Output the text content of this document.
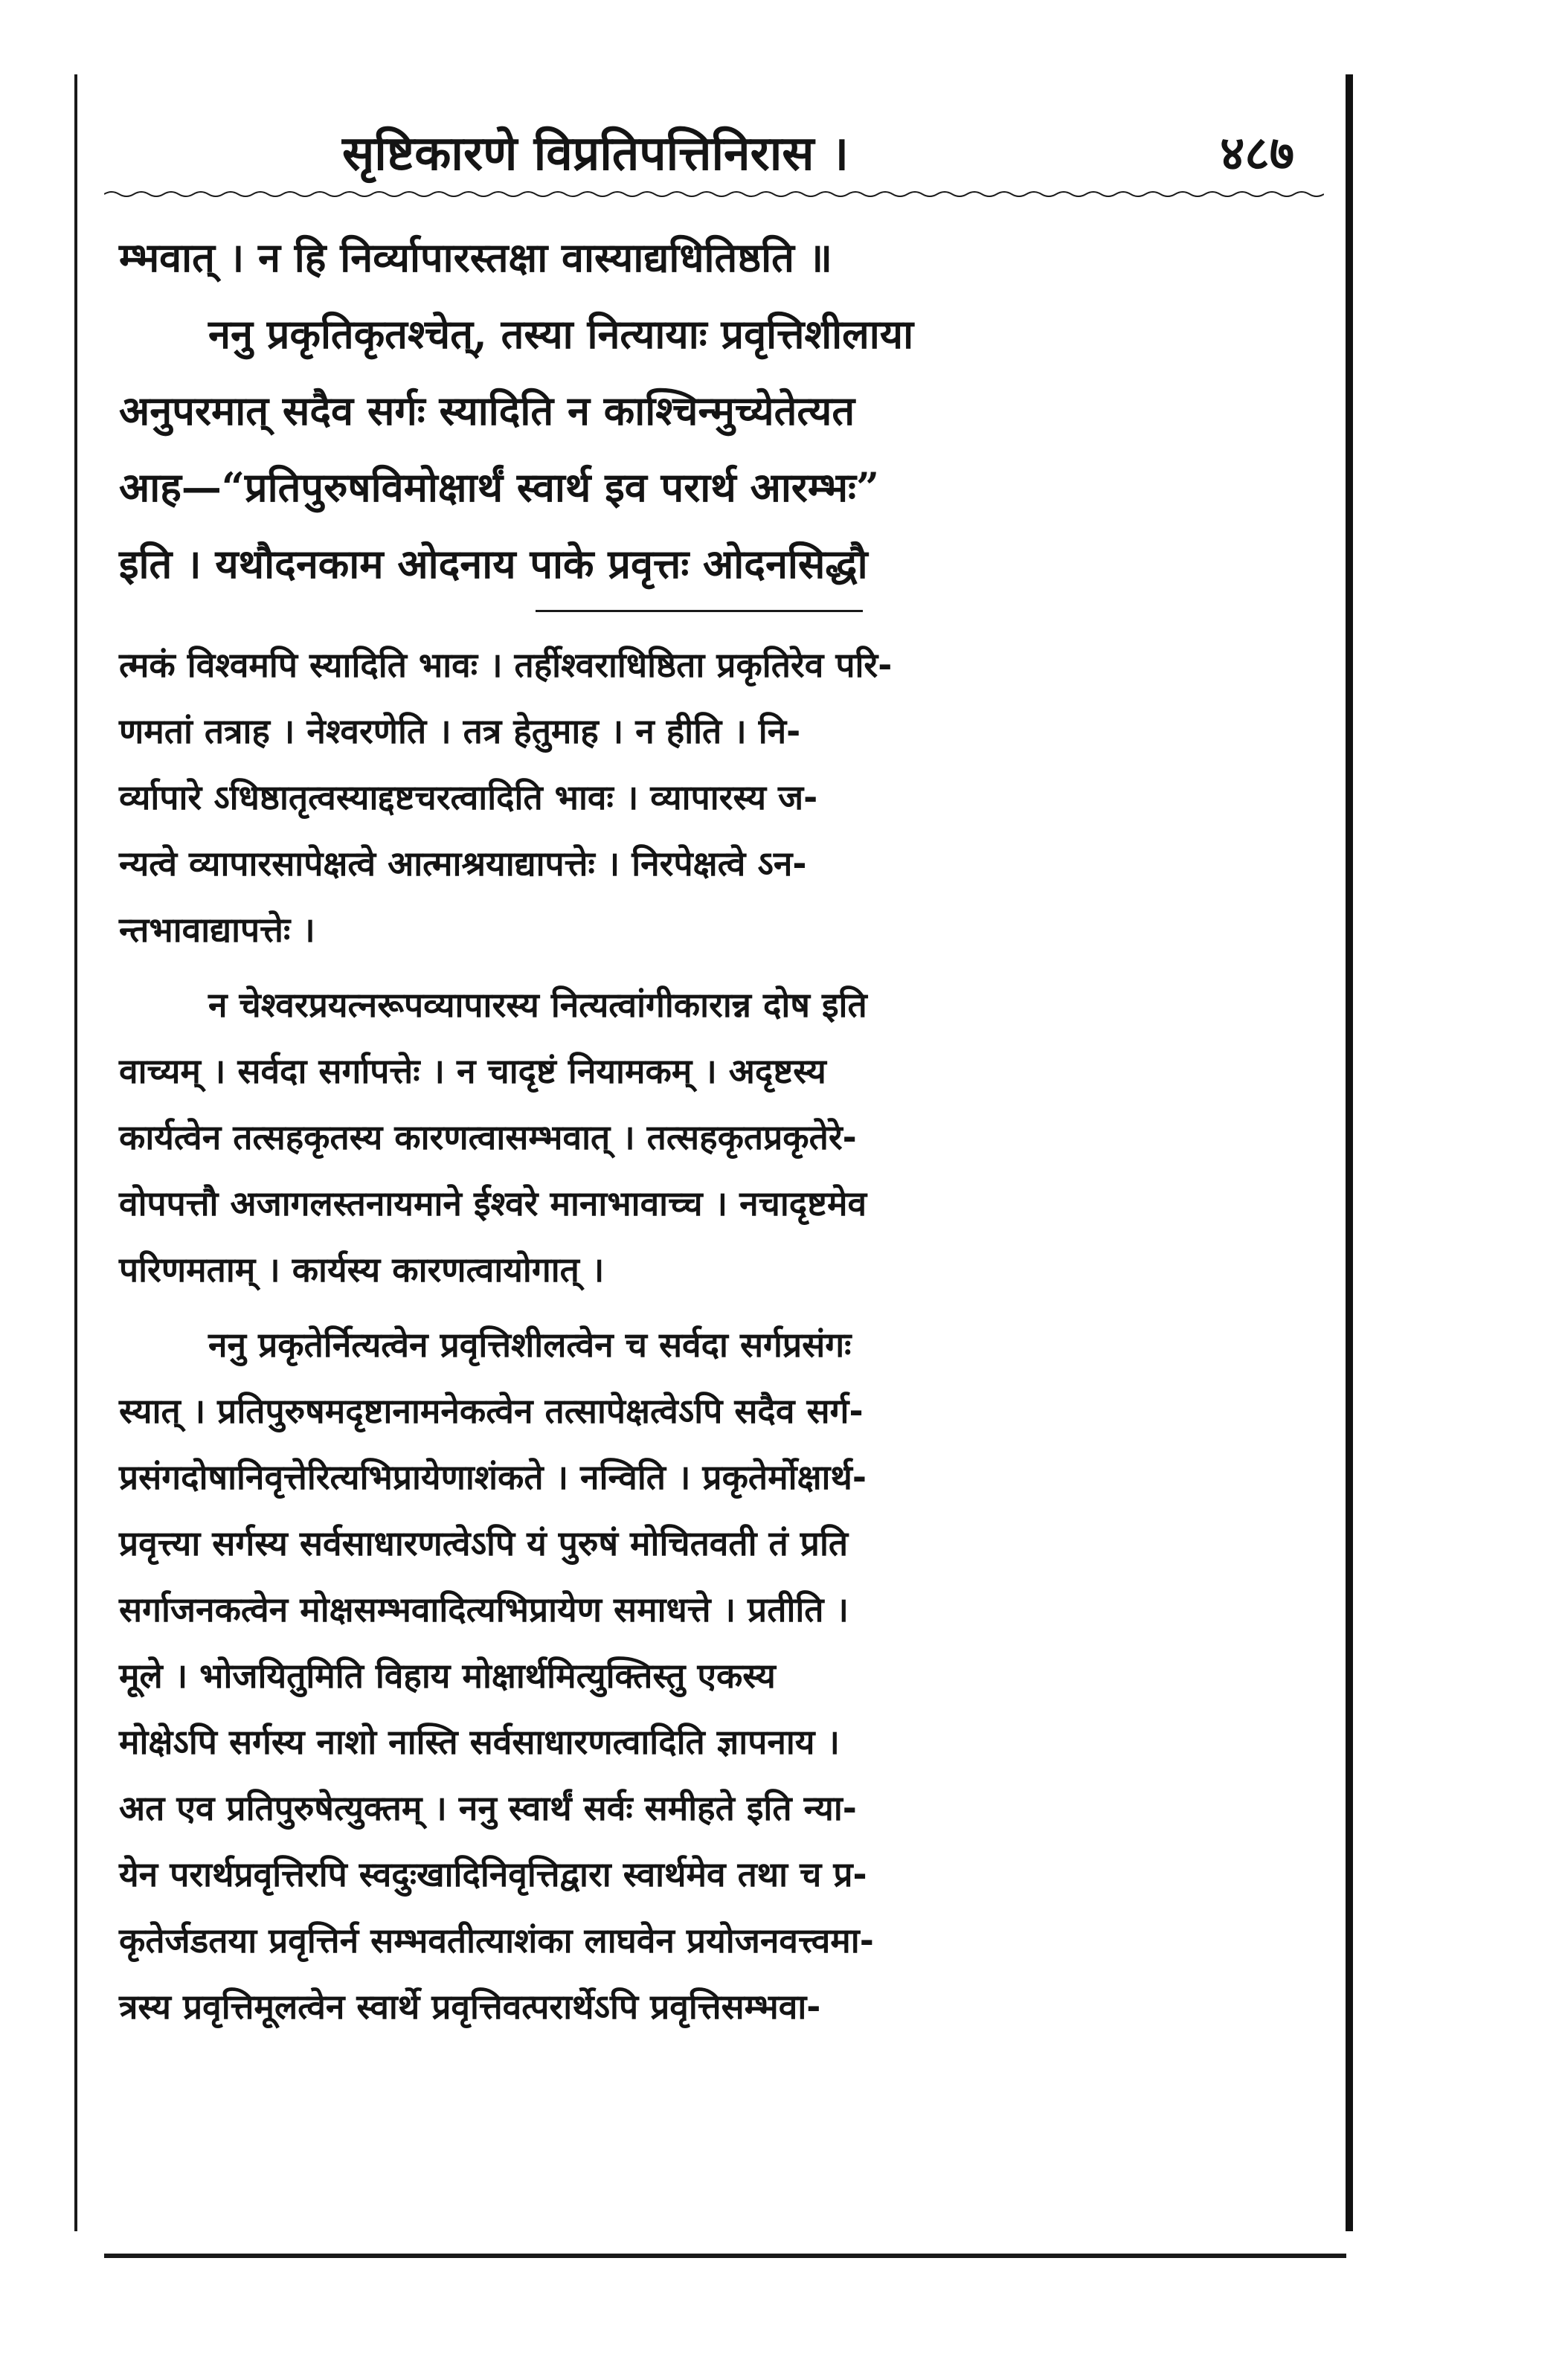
सृष्टिकारणे विप्रतिपत्तिनिरास ।	४८७

म्भवात् । न हि निर्व्यापारस्तक्षा वास्याद्यधितिष्ठति ॥

ननु प्रकृतिकृतश्चेत्, तस्या नित्यायाः प्रवृत्तिशीलाया

अनुपरमात् सदैव सर्गः स्यादिति न काश्चिन्मुच्येतेत्यत

आह—“प्रतिपुरुषविमोक्षार्थं स्वार्थ इव परार्थ आरम्भः”

इति । यथौदनकाम ओदनाय पाके प्रवृत्तः ओदनसिद्धौ

त्मकं विश्वमपि स्यादिति भावः । तर्हीश्वराधिष्ठिता प्रकृतिरेव परि-

णमतां तत्राह । नेश्वरणेति । तत्र हेतुमाह । न हीति । नि-

र्व्यापारे ऽधिष्ठातृत्वस्याद्दष्टचरत्वादिति भावः । व्यापारस्य ज-

न्यत्वे व्यापारसापेक्षत्वे आत्माश्रयाद्यापत्तेः । निरपेक्षत्वे ऽन-

न्तभावाद्यापत्तेः ।

न चेश्वरप्रयत्नरूपव्यापारस्य नित्यत्वांगीकारान्न दोष इति

वाच्यम् । सर्वदा सर्गापत्तेः । न चादृष्टं नियामकम् । अदृष्टस्य

कार्यत्वेन तत्सहकृतस्य कारणत्वासम्भवात् । तत्सहकृतप्रकृतेरे-

वोपपत्तौ अजागलस्तनायमाने ईश्वरे मानाभावाच्च । नचादृष्टमेव

परिणमताम् । कार्यस्य कारणत्वायोगात् ।

ननु प्रकृतेर्नित्यत्वेन प्रवृत्तिशीलत्वेन च सर्वदा सर्गप्रसंगः

स्यात् । प्रतिपुरुषमदृष्टानामनेकत्वेन तत्सापेक्षत्वेऽपि सदैव सर्ग-

प्रसंगदोषानिवृत्तेरित्यभिप्रायेणाशंकते । नन्विति । प्रकृतेर्मोक्षार्थ-

प्रवृत्त्या सर्गस्य सर्वसाधारणत्वेऽपि यं पुरुषं मोचितवती तं प्रति

सर्गाजनकत्वेन मोक्षसम्भवादित्यभिप्रायेण समाधत्ते । प्रतीति ।

मूले । भोजयितुमिति विहाय मोक्षार्थमित्युक्तिस्तु एकस्य

मोक्षेऽपि सर्गस्य नाशो नास्ति सर्वसाधारणत्वादिति ज्ञापनाय ।

अत एव प्रतिपुरुषेत्युक्तम् । ननु स्वार्थं सर्वः समीहते इति न्या-

येन परार्थप्रवृत्तिरपि स्वदुःखादिनिवृत्तिद्वारा स्वार्थमेव तथा च प्र-

कृतेर्जडतया प्रवृत्तिर्न सम्भवतीत्याशंका लाघवेन प्रयोजनवत्त्वमा-

त्रस्य प्रवृत्तिमूलत्वेन स्वार्थे प्रवृत्तिवत्परार्थेऽपि प्रवृत्तिसम्भवा-
